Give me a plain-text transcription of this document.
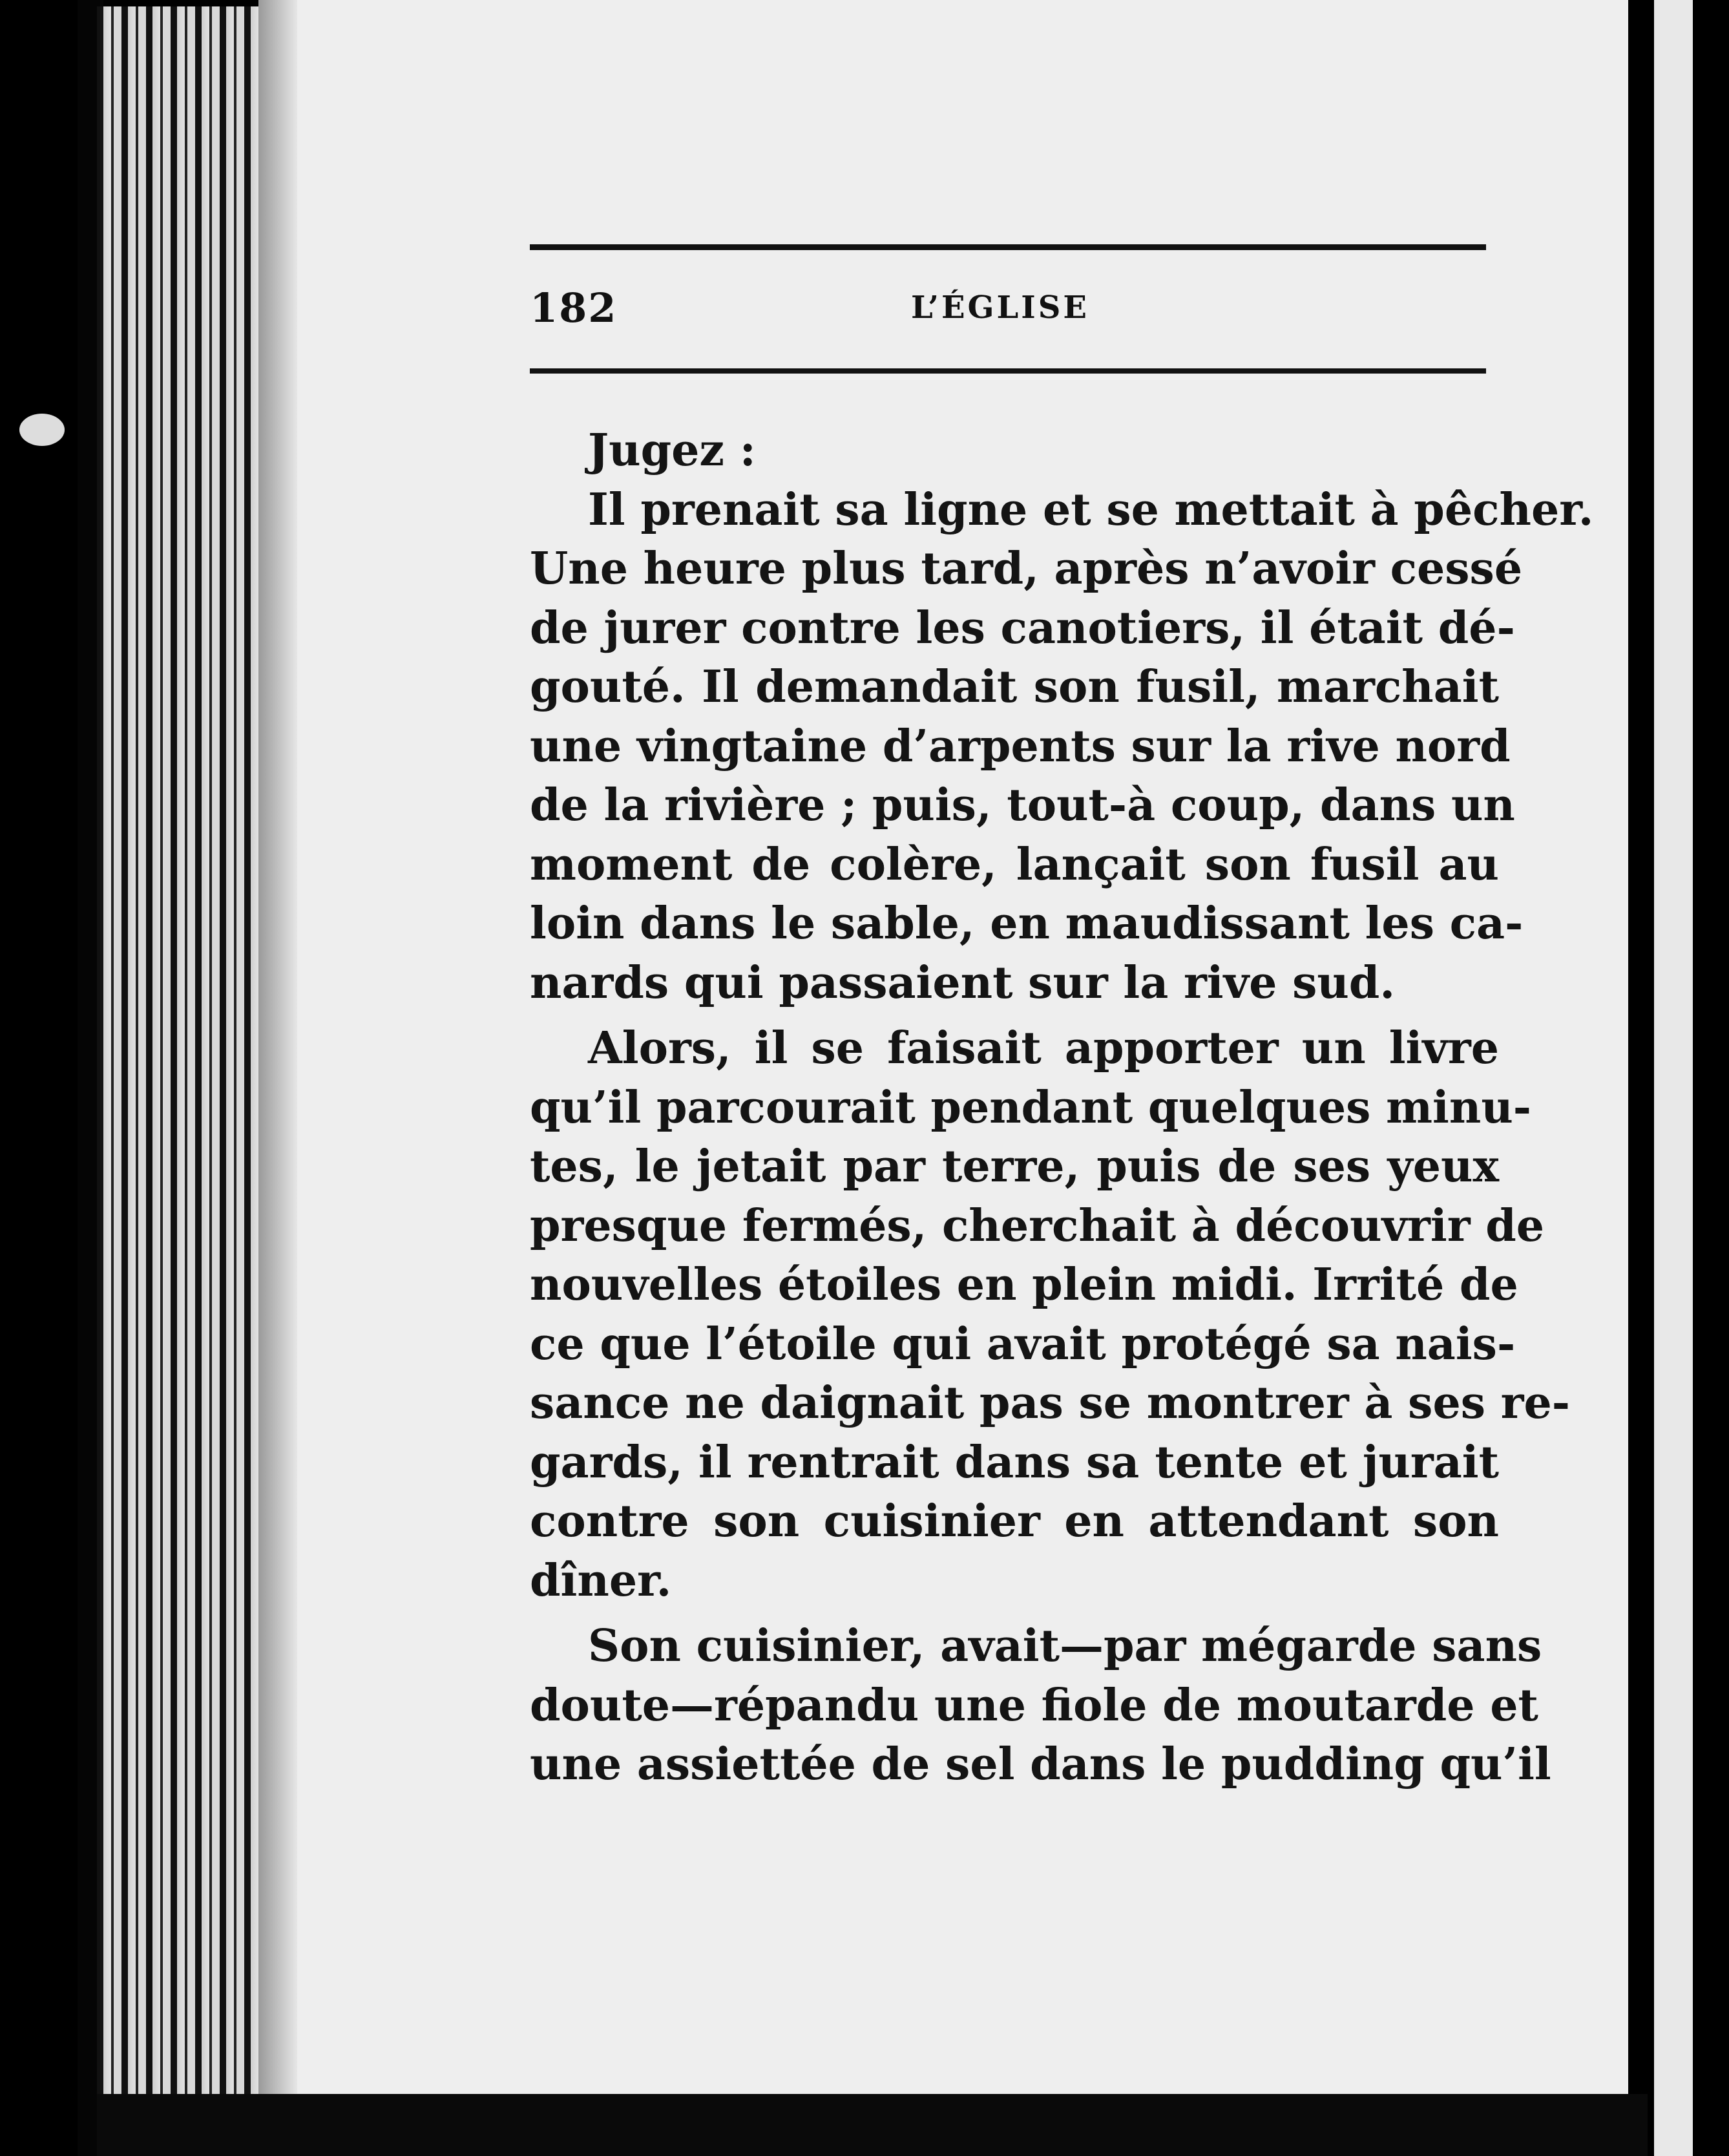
182	L’ÉGLISE
Jugez :
Il prenait sa ligne et se mettait à pêcher.
Une heure plus tard, après n’avoir cessé
de jurer contre les canotiers, il était dé-
gouté. Il demandait son fusil, marchait
une vingtaine d’arpents sur la rive nord
de la rivière ; puis, tout-à coup, dans un
moment de colère, lançait son fusil au
loin dans le sable, en maudissant les ca-
nards qui passaient sur la rive sud.
Alors, il se faisait apporter un livre
qu’il parcourait pendant quelques minu-
tes, le jetait par terre, puis de ses yeux
presque fermés, cherchait à découvrir de
nouvelles étoiles en plein midi. Irrité de
ce que l’étoile qui avait protégé sa nais-
sance ne daignait pas se montrer à ses re-
gards, il rentrait dans sa tente et jurait
contre son cuisinier en attendant son
dîner.
Son cuisinier, avait—par mégarde sans
doute—répandu une fiole de moutarde et
une assiettée de sel dans le pudding qu’il
